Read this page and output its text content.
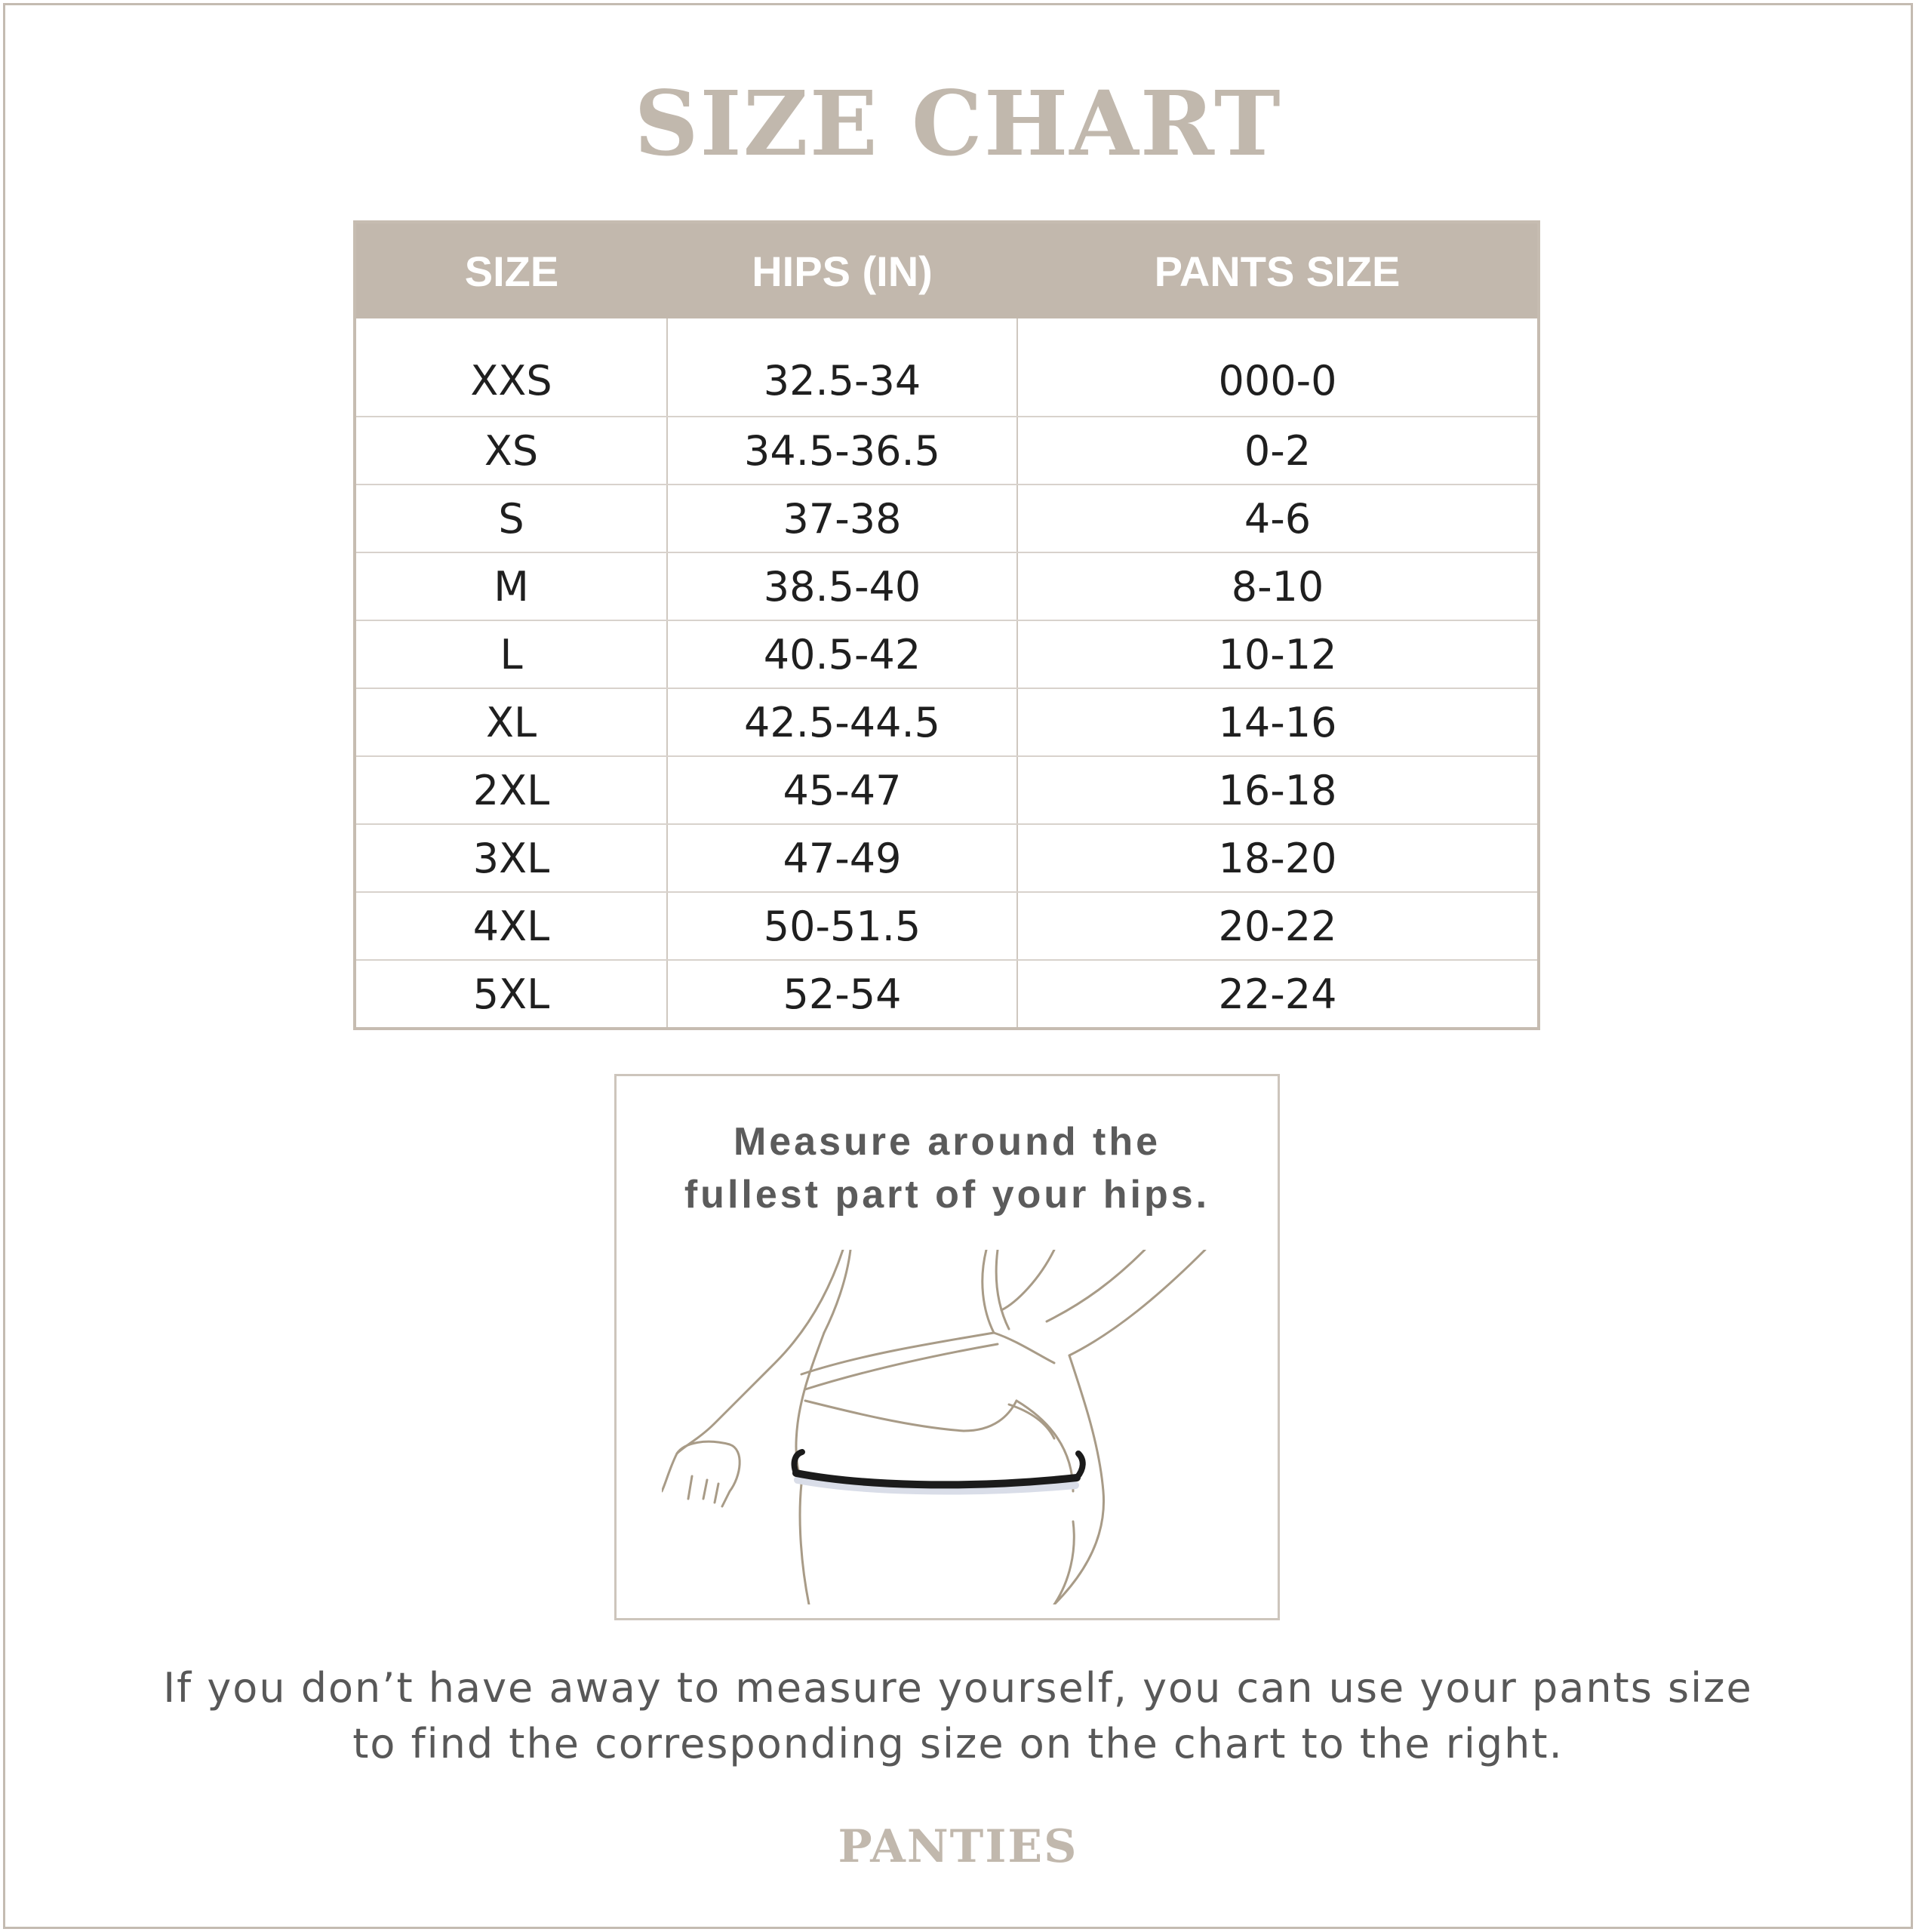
SIZE CHART
SIZE	HIPS (IN)	PANTS SIZE
XXS	32.5-34	000-0
XS	34.5-36.5	0-2
S	37-38	4-6
M	38.5-40	8-10
L	40.5-42	10-12
XL	42.5-44.5	14-16
2XL	45-47	16-18
3XL	47-49	18-20
4XL	50-51.5	20-22
5XL	52-54	22-24
Measure around the
fullest part of your hips.
If you don’t have away to measure yourself, you can use your pants size
to find the corresponding size on the chart to the right.
PANTIES
